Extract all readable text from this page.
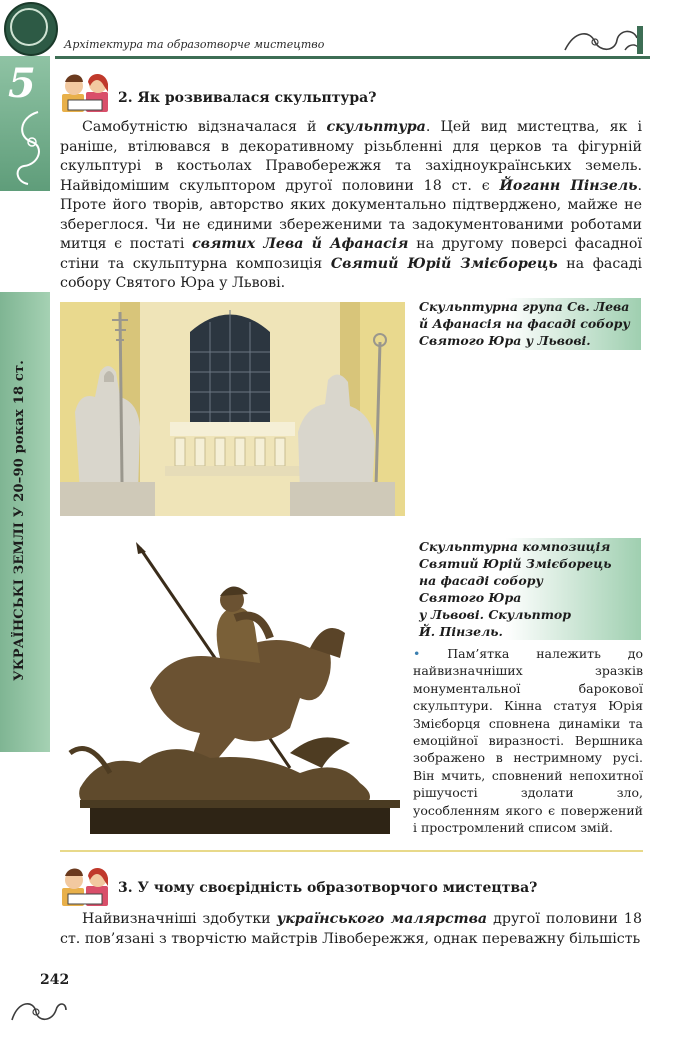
Архітектура та образотворче мистецтво
5
УКРАЇНСЬКІ ЗЕМЛІ У 20–90 роках 18 ст.
2. Як розвивалася скульптура?

Самобутністю відзначалася й скульптура. Цей вид мистецтва, як і раніше, втілювався в декоративному різьбленні для церков та фігурній скульптурі в костьолах Правобережжя та західноукраїнських земель. Найвідомішим скульптором другої половини 18 ст. є Йоганн Пінзель. Проте його творів, авторство яких документально підтверджено, майже не збереглося. Чи не єдиними збереженими та задокументованими роботами митця є постаті святих Лева й Афанасія на другому поверсі фасадної стіни та скульптурна композиція Святий Юрій Змієборець на фасаді собору Святого Юра у Львові.

Скульптурна група Св. Лева й Афанасія на фасаді собору Святого Юра у Львові.
Скульптурна композиція
Святий Юрій Змієборець
на фасаді собору
Святого Юра
у Львові. Скульптор
Й. Пінзель.

• Пам’ятка належить до найвизначніших зразків монументальної барокової скульптури. Кінна статуя Юрія Змієборця сповнена динаміки та емоційної виразності. Вершника зображено в нестримному русі. Він мчить, сповнений непохитної рішучості здолати зло, уособленням якого є повержений і простромлений списом змій.

3. У чому своєрідність образотворчого мистецтва?

Найвизначніші здобутки українського малярства другої половини 18 ст. пов’язані з творчістю майстрів Лівобережжя, однак переважну більшість

242
